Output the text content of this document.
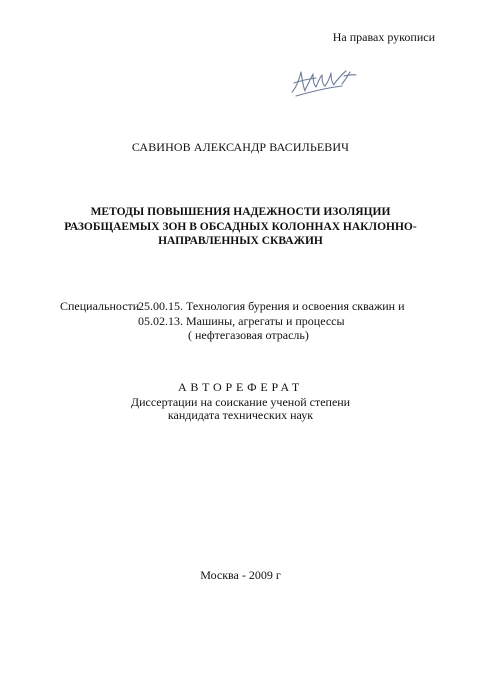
На правах рукописи
САВИНОВ АЛЕКСАНДР ВАСИЛЬЕВИЧ
МЕТОДЫ ПОВЫШЕНИЯ НАДЕЖНОСТИ ИЗОЛЯЦИИ
РАЗОБЩАЕМЫХ ЗОН В ОБСАДНЫХ КОЛОННАХ НАКЛОННО-
НАПРАВЛЕННЫХ СКВАЖИН
Специальности
25.00.15. Технология бурения и освоения скважин и
05.02.13. Машины, агрегаты и процессы
( нефтегазовая отрасль)
АВТОРЕФЕРАТ
Диссертации на соискание ученой степени
кандидата технических наук
Москва - 2009 г
